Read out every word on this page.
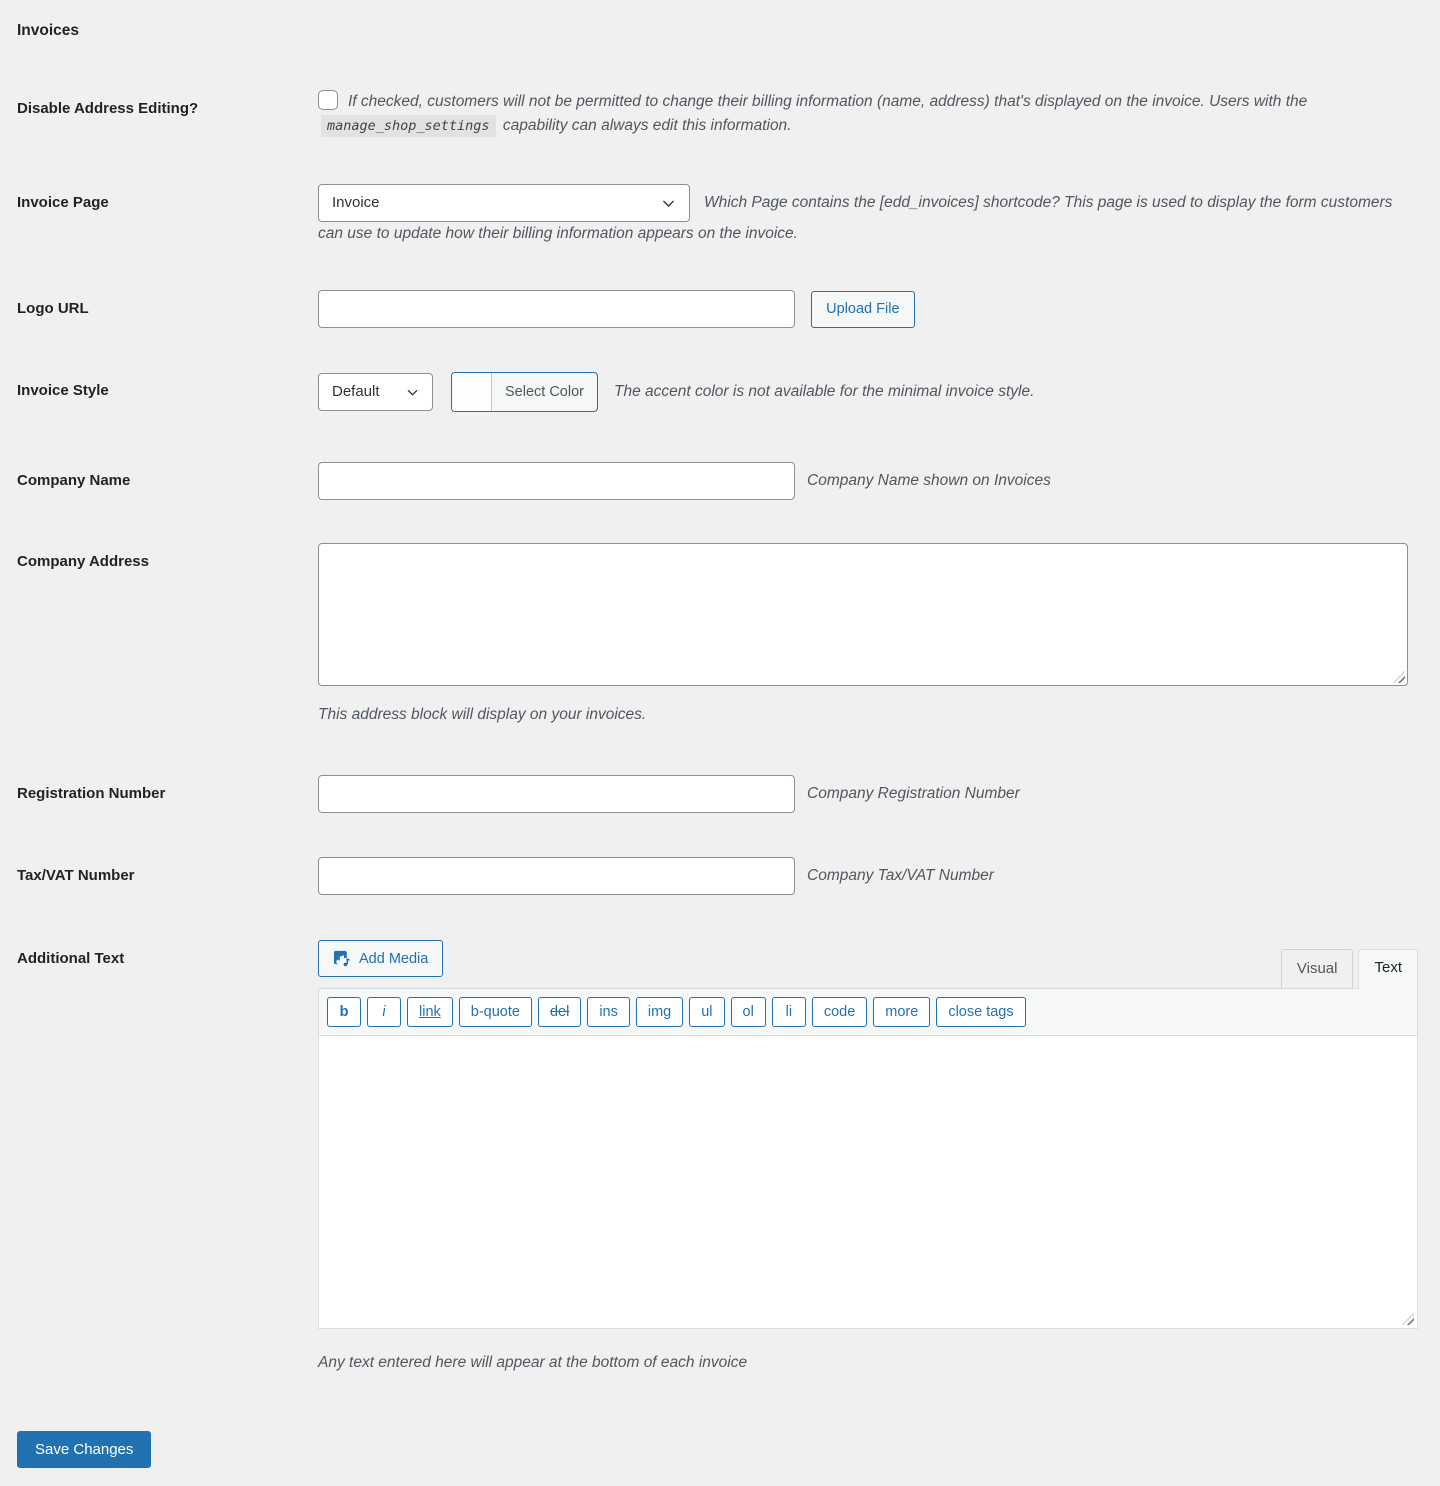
Invoices
Disable Address Editing?	If checked, customers will not be permitted to change their billing information (name, address) that's displayed on the invoice. Users with the manage_shop_settings capability can always edit this information.
Invoice Page	Invoice	Which Page contains the [edd_invoices] shortcode? This page is used to display the form customers can use to update how their billing information appears on the invoice.
Logo URL	Upload File
Invoice Style	Default	Select Color	The accent color is not available for the minimal invoice style.
Company Name	Company Name shown on Invoices
Company Address
This address block will display on your invoices.
Registration Number	Company Registration Number
Tax/VAT Number	Company Tax/VAT Number
Additional Text	Add Media
Visual	Text
b	i	link	b-quote	del	ins	img	ul	ol	li	code	more	close tags
Any text entered here will appear at the bottom of each invoice
Save Changes
